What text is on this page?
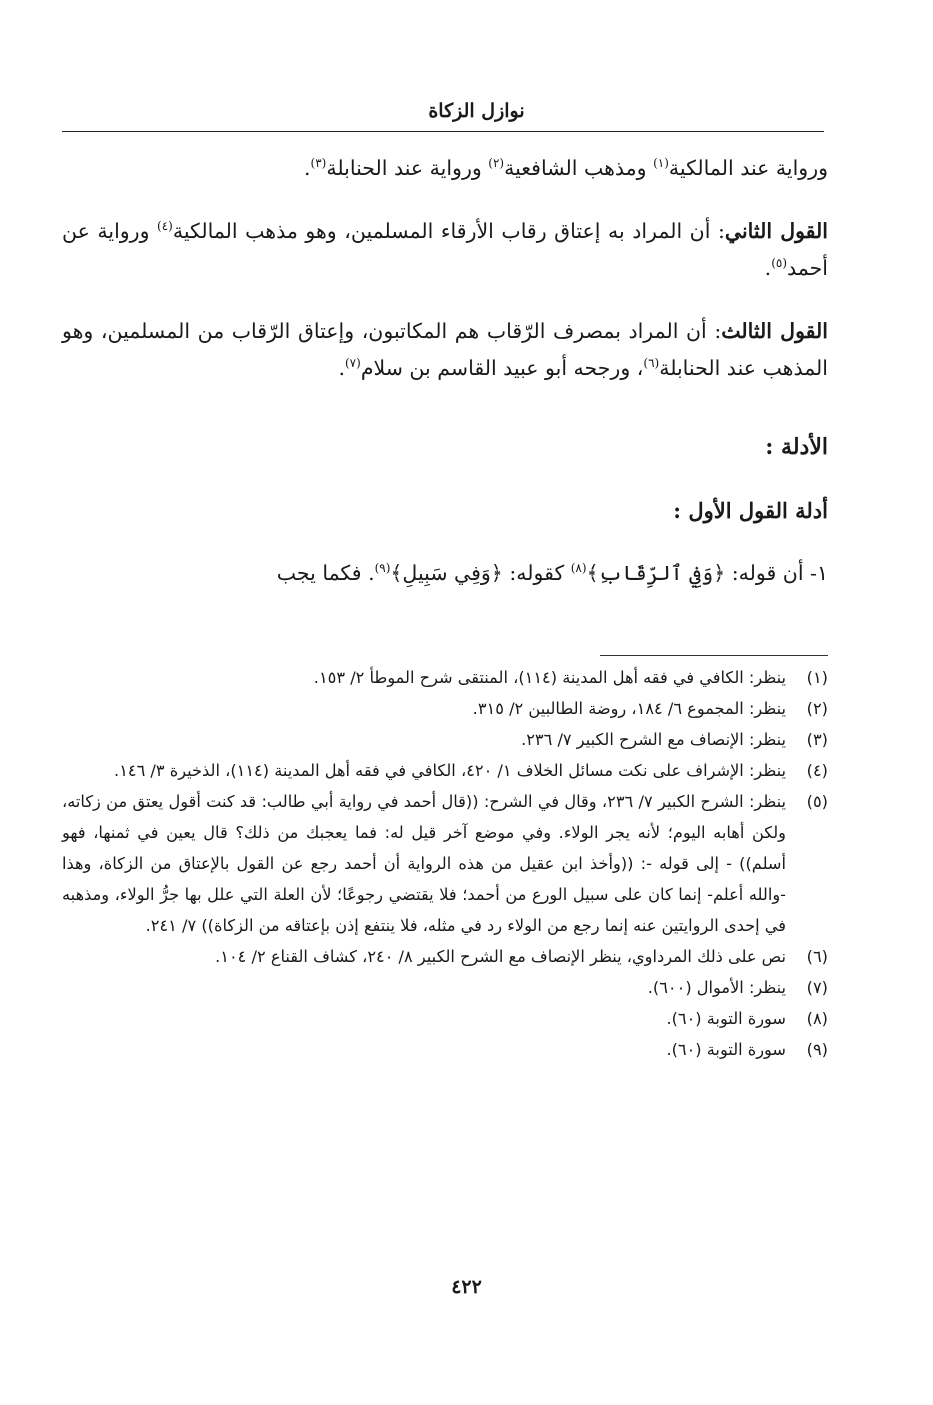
نوازل الزكاة

ورواية عند المالكية$^{(١)}$ ومذهب الشافعية$^{(٢)}$ ورواية عند الحنابلة$^{(٣)}$.

القول الثاني: أن المراد به إعتاق رقاب الأرقاء المسلمين، وهو مذهب المالكية$^{(٤)}$ ورواية عن أحمد$^{(٥)}$.

القول الثالث: أن المراد بمصرف الرّقاب هم المكاتبون، وإعتاق الرّقاب من المسلمين، وهو المذهب عند الحنابلة$^{(٦)}$، ورجحه أبو عبيد القاسم بن سلام$^{(٧)}$.

الأدلة :

أدلة القول الأول :

١- أن قوله: ﴿وَفِي ٱلرِّقَابِ﴾$^{(٨)}$ كقوله: ﴿وَفِي سَبِيلِ﴾$^{(٩)}$. فكما يجب

(١)
ينظر: الكافي في فقه أهل المدينة (١١٤)، المنتقى شرح الموطأ ٢/ ١٥٣.
(٢)
ينظر: المجموع ٦/ ١٨٤، روضة الطالبين ٢/ ٣١٥.
(٣)
ينظر: الإنصاف مع الشرح الكبير ٧/ ٢٣٦.
(٤)
ينظر: الإشراف على نكت مسائل الخلاف ١/ ٤٢٠، الكافي في فقه أهل المدينة (١١٤)، الذخيرة ٣/ ١٤٦.
(٥)
ينظر: الشرح الكبير ٧/ ٢٣٦، وقال في الشرح: ((قال أحمد في رواية أبي طالب: قد كنت أقول يعتق من زكاته، ولكن أهابه اليوم؛ لأنه يجر الولاء. وفي موضع آخر قيل له: فما يعجبك من ذلك؟ قال يعين في ثمنها، فهو أسلم)) - إلى قوله -: ((وأخذ ابن عقيل من هذه الرواية أن أحمد رجع عن القول بالإعتاق من الزكاة، وهذا -والله أعلم- إنما كان على سبيل الورع من أحمد؛ فلا يقتضي رجوعًا؛ لأن العلة التي علل بها جرُّ الولاء، ومذهبه في إحدى الروايتين عنه إنما رجع من الولاء رد في مثله، فلا ينتفع إذن بإعتاقه من الزكاة)) ٧/ ٢٤١.
(٦)
نص على ذلك المرداوي، ينظر الإنصاف مع الشرح الكبير ٨/ ٢٤٠، كشاف القناع ٢/ ١٠٤.
(٧)
ينظر: الأموال (٦٠٠).
(٨)
سورة التوبة (٦٠).
(٩)
سورة التوبة (٦٠).
٤٢٢
